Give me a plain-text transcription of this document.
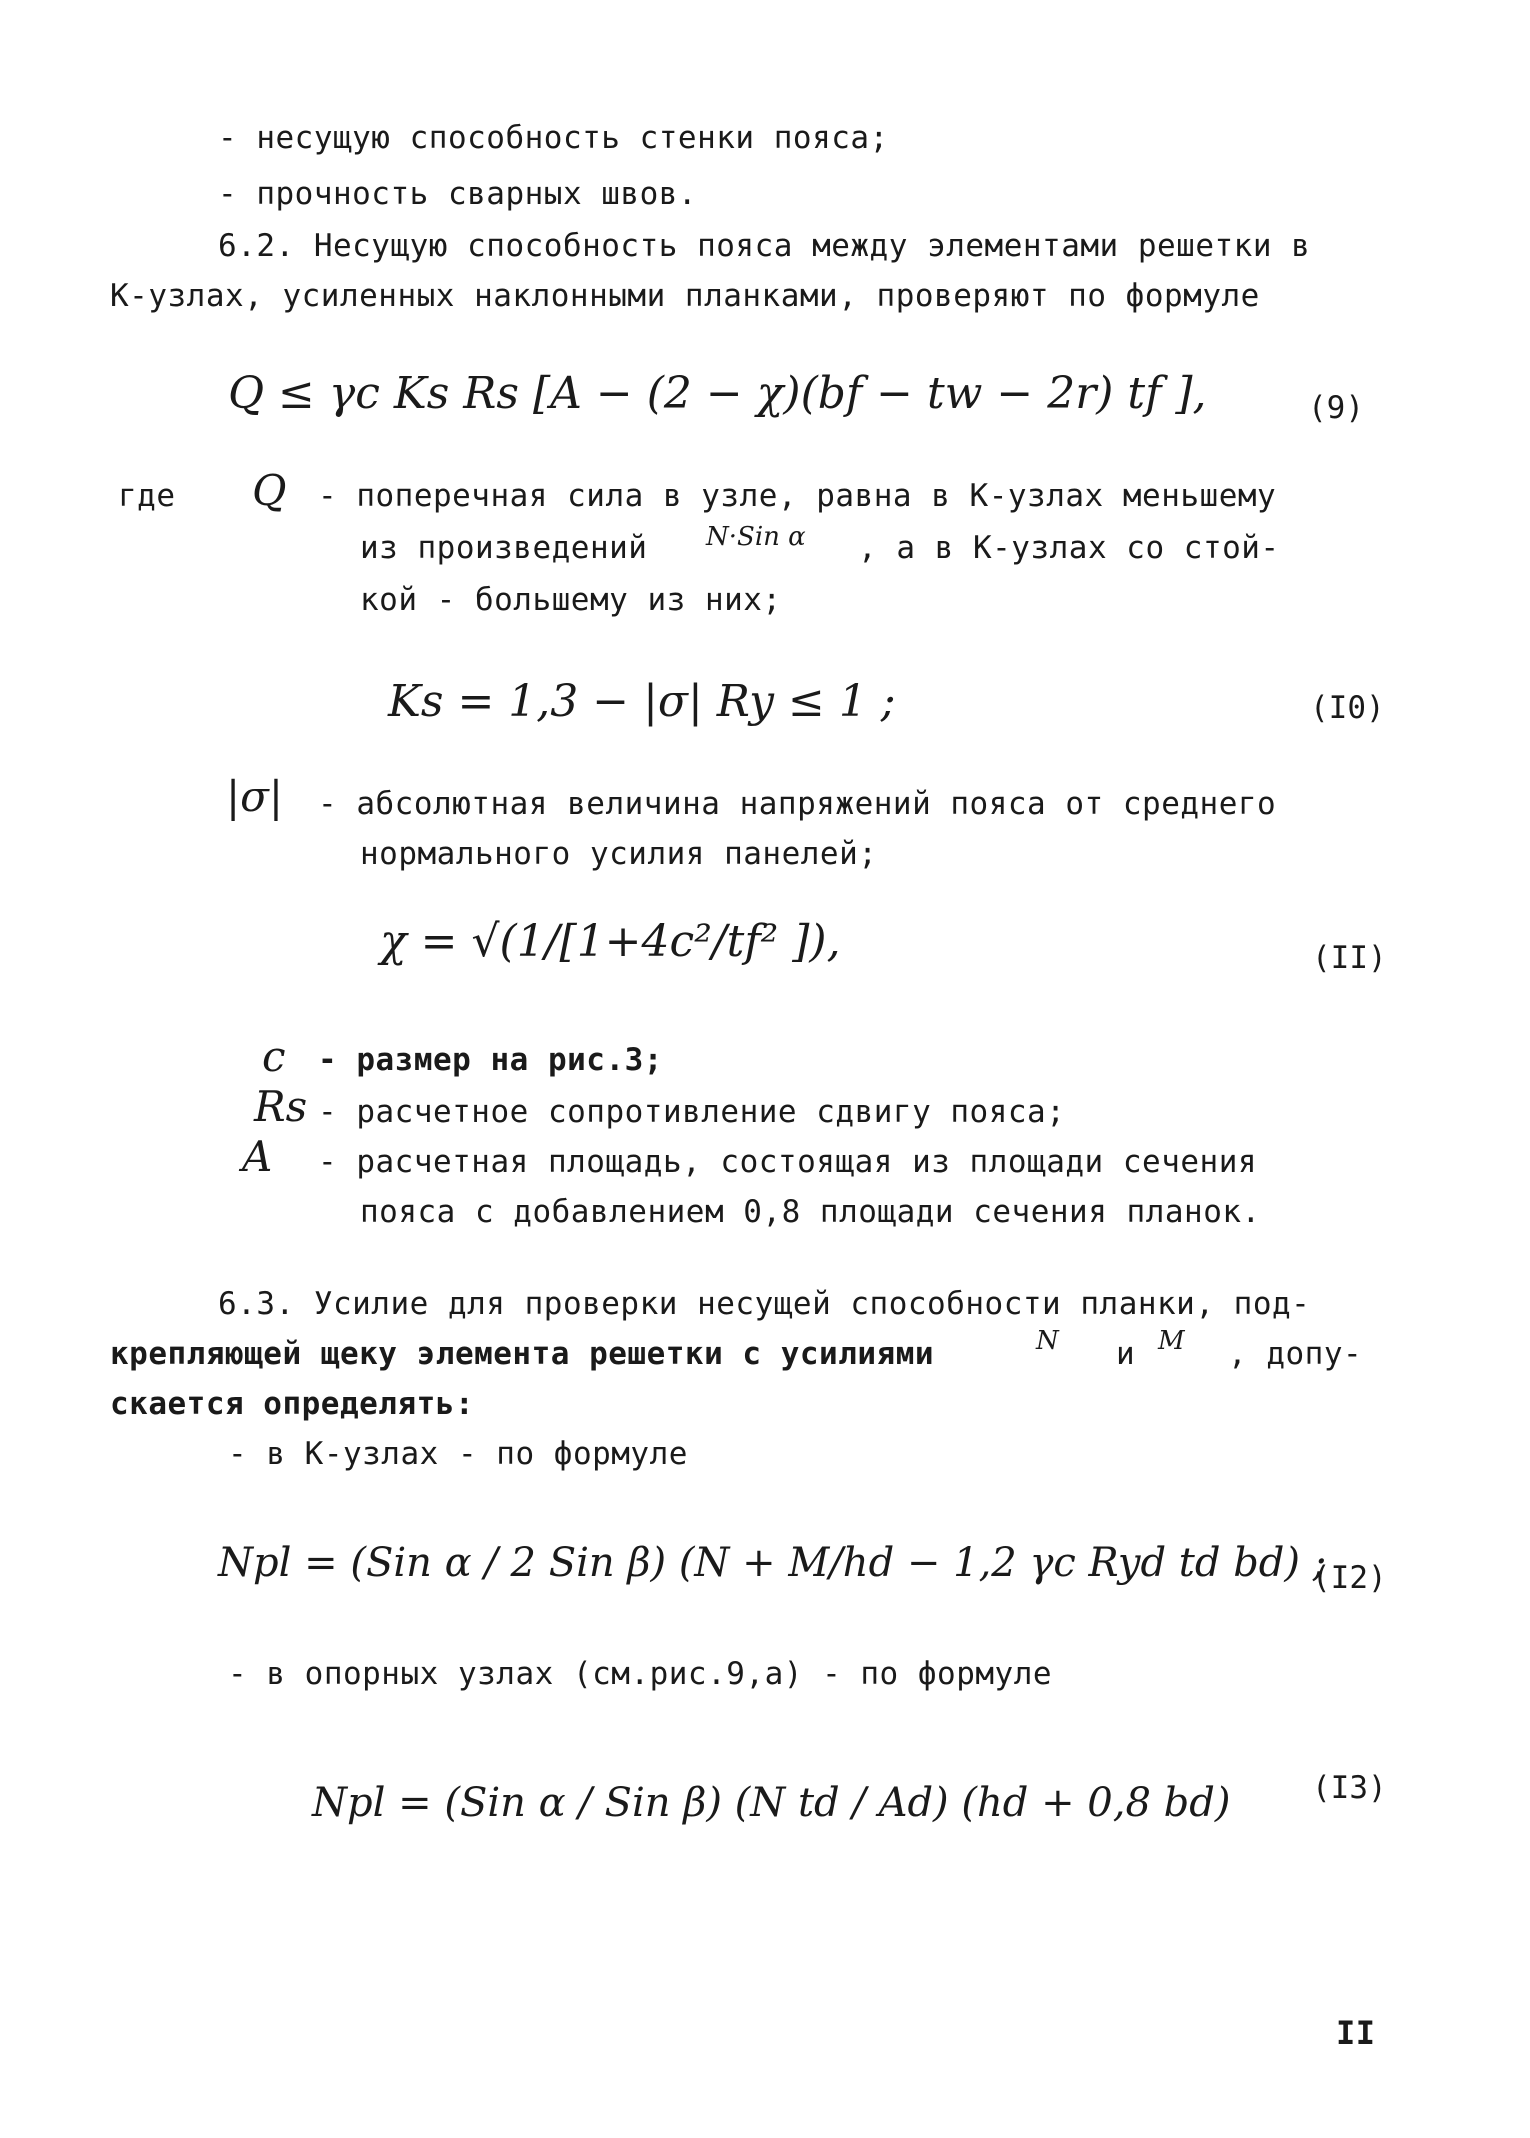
- несущую способность стенки пояса;
- прочность сварных швов.
6.2. Несущую способность пояса между элементами решетки в
К-узлах, усиленных наклонными планками, проверяют по формуле
Q ≤ γc Ks Rs [A − (2 − χ)(bf − tw − 2r) tf ],	(9)
где Q - поперечная сила в узле, равна в К-узлах меньшему
из произведений N·Sin α , а в К-узлах со стой-
кой - большему из них;
Ks = 1,3 − |σ| Ry ≤ 1 ;	(I0)
|σ| - абсолютная величина напряжений пояса от среднего
нормального усилия панелей;
χ = √(1/[1+4c²/tf² ]),	(II)
c - размер на рис.3;
Rs - расчетное сопротивление сдвигу пояса;
A - расчетная площадь, состоящая из площади сечения
пояса с добавлением 0,8 площади сечения планок.
6.3. Усилие для проверки несущей способности планки, под-
крепляющей щеку элемента решетки с усилиями	N и M , допу-
скается определять:
- в К-узлах - по формуле
Npl = (Sin α / 2 Sin β) (N + M/hd − 1,2 γc Ryd td bd) ;
(I2)
- в опорных узлах (см.рис.9,а) - по формуле
Npl = (Sin α / Sin β) (N td / Ad) (hd + 0,8 bd)	(I3)
II
